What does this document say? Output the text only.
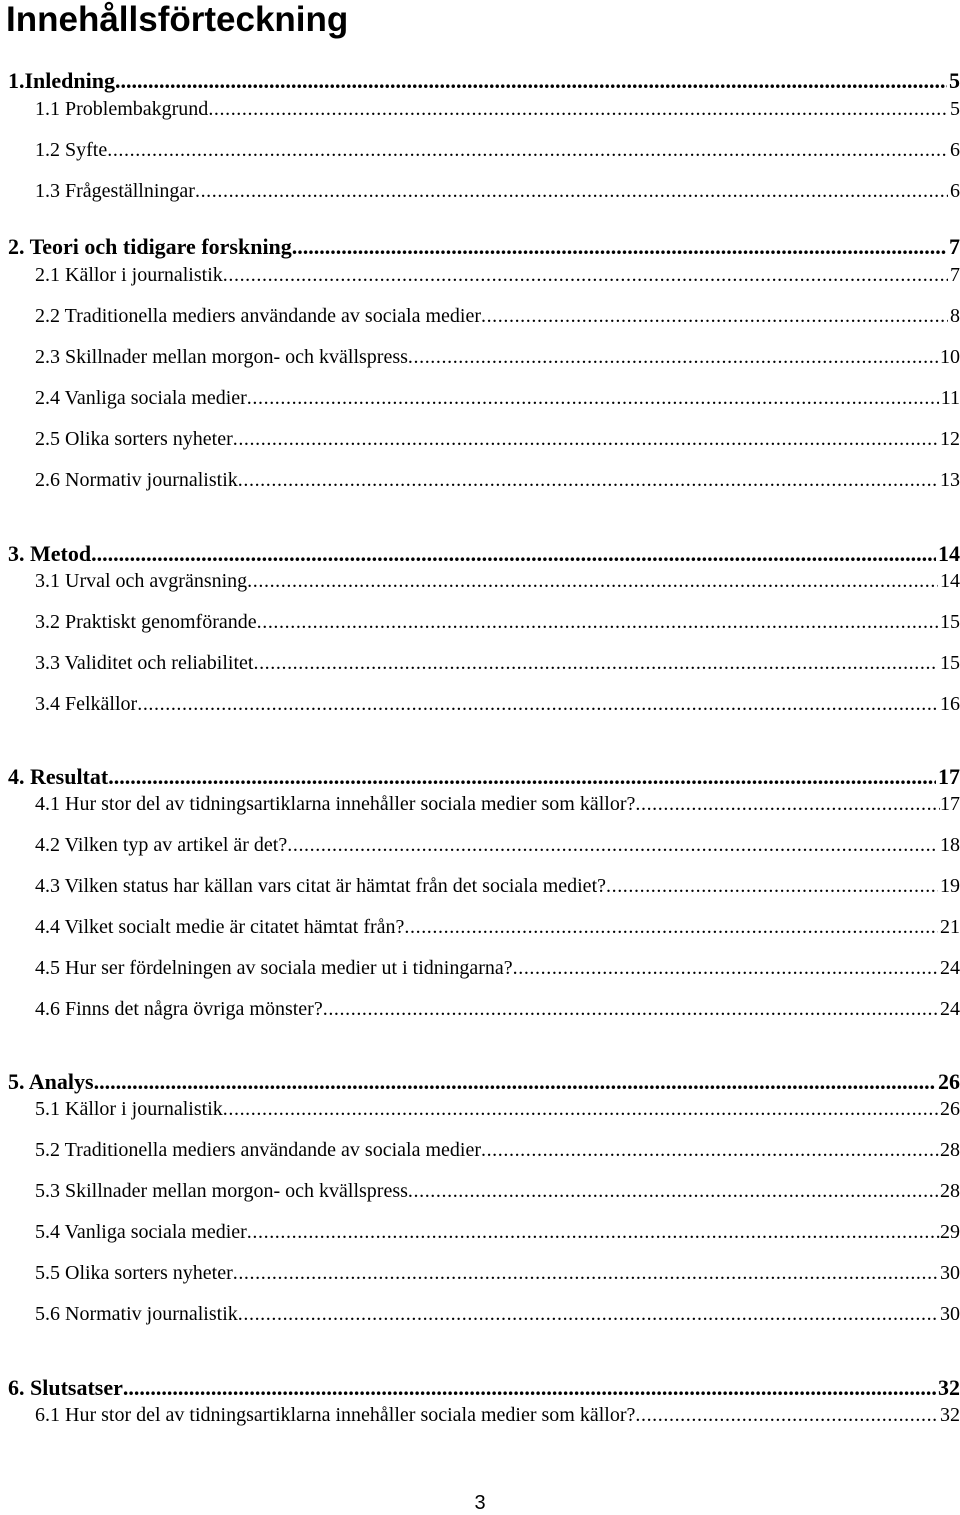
Innehållsförteckning
1.Inledning .....	5
1.1 Problembakgrund .....	5
1.2 Syfte .....	6
1.3 Frågeställningar .....	6
2. Teori och tidigare forskning .....	7
2.1 Källor i journalistik .....	7
2.2 Traditionella mediers användande av sociala medier .....	8
2.3 Skillnader mellan morgon- och kvällspress .....	10
2.4 Vanliga sociala medier .....	11
2.5 Olika sorters nyheter .....	12
2.6 Normativ journalistik .....	13
3. Metod .....	14
3.1 Urval och avgränsning .....	14
3.2 Praktiskt genomförande .....	15
3.3 Validitet och reliabilitet .....	15
3.4 Felkällor .....	16
4. Resultat .....	17
4.1 Hur stor del av tidningsartiklarna innehåller sociala medier som källor? .....	17
4.2 Vilken typ av artikel är det? .....	18
4.3 Vilken status har källan vars citat är hämtat från det sociala mediet? .....	19
4.4 Vilket socialt medie är citatet hämtat från? .....	21
4.5 Hur ser fördelningen av sociala medier ut i tidningarna? .....	24
4.6 Finns det några övriga mönster? .....	24
5. Analys .....	26
5.1 Källor i journalistik .....	26
5.2 Traditionella mediers användande av sociala medier .....	28
5.3 Skillnader mellan morgon- och kvällspress .....	28
5.4 Vanliga sociala medier .....	29
5.5 Olika sorters nyheter .....	30
5.6 Normativ journalistik .....	30
6. Slutsatser .....	32
6.1 Hur stor del av tidningsartiklarna innehåller sociala medier som källor? .....	32
3
